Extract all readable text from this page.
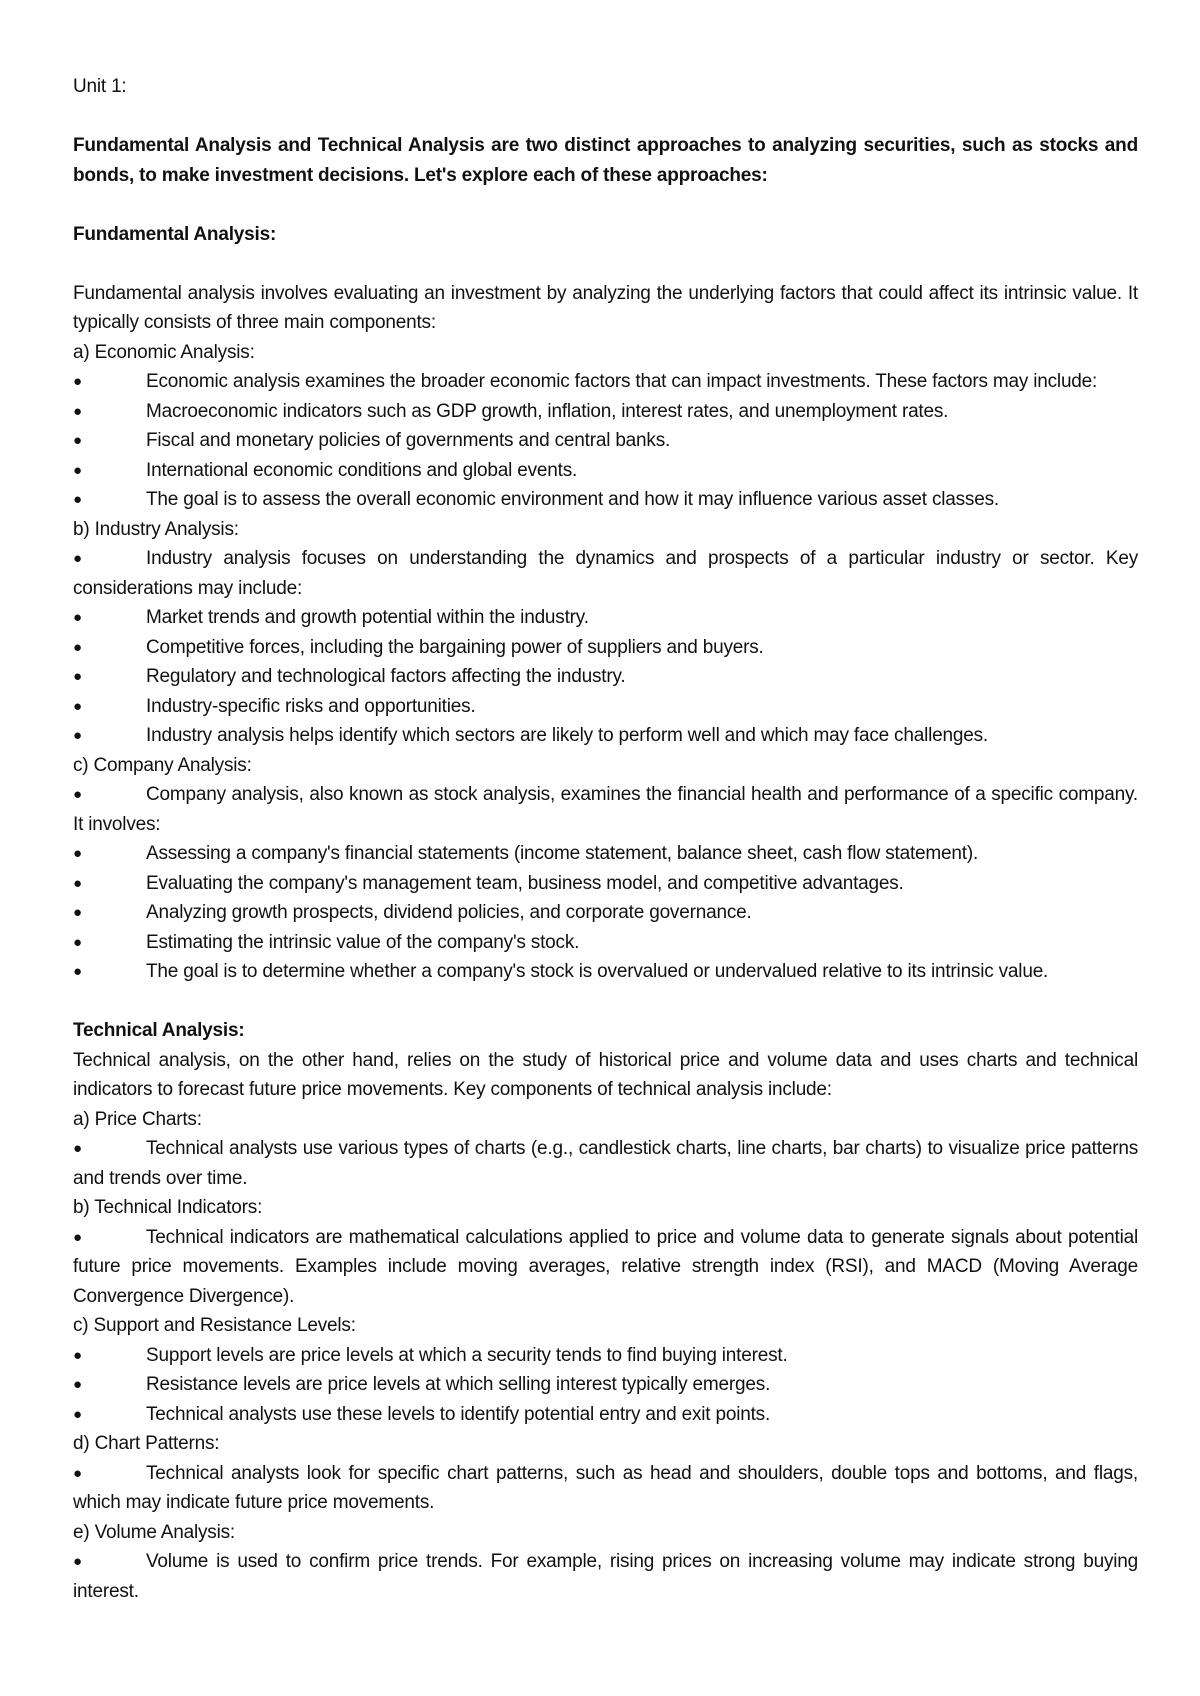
Unit 1:

Fundamental Analysis and Technical Analysis are two distinct approaches to analyzing securities, such as stocks and bonds, to make investment decisions. Let's explore each of these approaches:

Fundamental Analysis:

Fundamental analysis involves evaluating an investment by analyzing the underlying factors that could affect its intrinsic value. It typically consists of three main components:

a) Economic Analysis:

●	Economic analysis examines the broader economic factors that can impact investments. These factors may include:

●	Macroeconomic indicators such as GDP growth, inflation, interest rates, and unemployment rates.

●	Fiscal and monetary policies of governments and central banks.

●	International economic conditions and global events.

●	The goal is to assess the overall economic environment and how it may influence various asset classes.

b) Industry Analysis:

●	Industry analysis focuses on understanding the dynamics and prospects of a particular industry or sector. Key considerations may include:

●	Market trends and growth potential within the industry.

●	Competitive forces, including the bargaining power of suppliers and buyers.

●	Regulatory and technological factors affecting the industry.

●	Industry-specific risks and opportunities.

●	Industry analysis helps identify which sectors are likely to perform well and which may face challenges.

c) Company Analysis:

●	Company analysis, also known as stock analysis, examines the financial health and performance of a specific company. It involves:

●	Assessing a company's financial statements (income statement, balance sheet, cash flow statement).

●	Evaluating the company's management team, business model, and competitive advantages.

●	Analyzing growth prospects, dividend policies, and corporate governance.

●	Estimating the intrinsic value of the company's stock.

●	The goal is to determine whether a company's stock is overvalued or undervalued relative to its intrinsic value.

Technical Analysis:

Technical analysis, on the other hand, relies on the study of historical price and volume data and uses charts and technical indicators to forecast future price movements. Key components of technical analysis include:

a) Price Charts:

●	Technical analysts use various types of charts (e.g., candlestick charts, line charts, bar charts) to visualize price patterns and trends over time.

b) Technical Indicators:

●	Technical indicators are mathematical calculations applied to price and volume data to generate signals about potential future price movements. Examples include moving averages, relative strength index (RSI), and MACD (Moving Average Convergence Divergence).

c) Support and Resistance Levels:

●	Support levels are price levels at which a security tends to find buying interest.

●	Resistance levels are price levels at which selling interest typically emerges.

●	Technical analysts use these levels to identify potential entry and exit points.

d) Chart Patterns:

●	Technical analysts look for specific chart patterns, such as head and shoulders, double tops and bottoms, and flags, which may indicate future price movements.

e) Volume Analysis:

●	Volume is used to confirm price trends. For example, rising prices on increasing volume may indicate strong buying interest.
